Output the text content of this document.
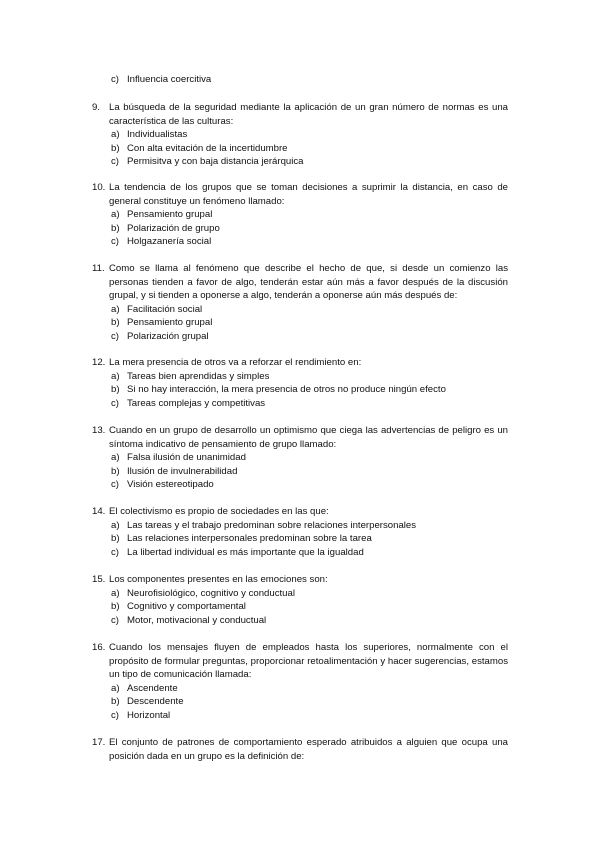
c) Influencia coercitiva
9. La búsqueda de la seguridad mediante la aplicación de un gran número de normas es una característica de las culturas:
a) Individualistas
b) Con alta evitación de la incertidumbre
c) Permisitva y con baja distancia jerárquica
10. La tendencia de los grupos que se toman decisiones a suprimir la distancia, en caso de general constituye un fenómeno llamado:
a) Pensamiento grupal
b) Polarización de grupo
c) Holgazanería social
11. Como se llama al fenómeno que describe el hecho de que, si desde un comienzo las personas tienden a favor de algo, tenderán estar aún más a favor después de la discusión grupal, y si tienden a oponerse a algo, tenderán a oponerse aún más después de:
a) Facilitación social
b) Pensamiento grupal
c) Polarización grupal
12. La mera presencia de otros va a reforzar el rendimiento en:
a) Tareas bien aprendidas y simples
b) Si no hay interacción, la mera presencia de otros no produce ningún efecto
c) Tareas complejas y competitivas
13. Cuando en un grupo de desarrollo un optimismo que ciega las advertencias de peligro es un síntoma indicativo de pensamiento de grupo llamado:
a) Falsa ilusión de unanimidad
b) Ilusión de invulnerabilidad
c) Visión estereotipado
14. El colectivismo es propio de sociedades en las que:
a) Las tareas y el trabajo predominan sobre relaciones interpersonales
b) Las relaciones interpersonales predominan sobre la tarea
c) La libertad individual es más importante que la igualdad
15. Los componentes presentes en las emociones son:
a) Neurofisiológico, cognitivo y conductual
b) Cognitivo y comportamental
c) Motor, motivacional y conductual
16. Cuando los mensajes fluyen de empleados hasta los superiores, normalmente con el propósito de formular preguntas, proporcionar retoalimentación y hacer sugerencias, estamos un tipo de comunicación llamada:
a) Ascendente
b) Descendente
c) Horizontal
17. El conjunto de patrones de comportamiento esperado atribuidos a alguien que ocupa una posición dada en un grupo es la definición de:
